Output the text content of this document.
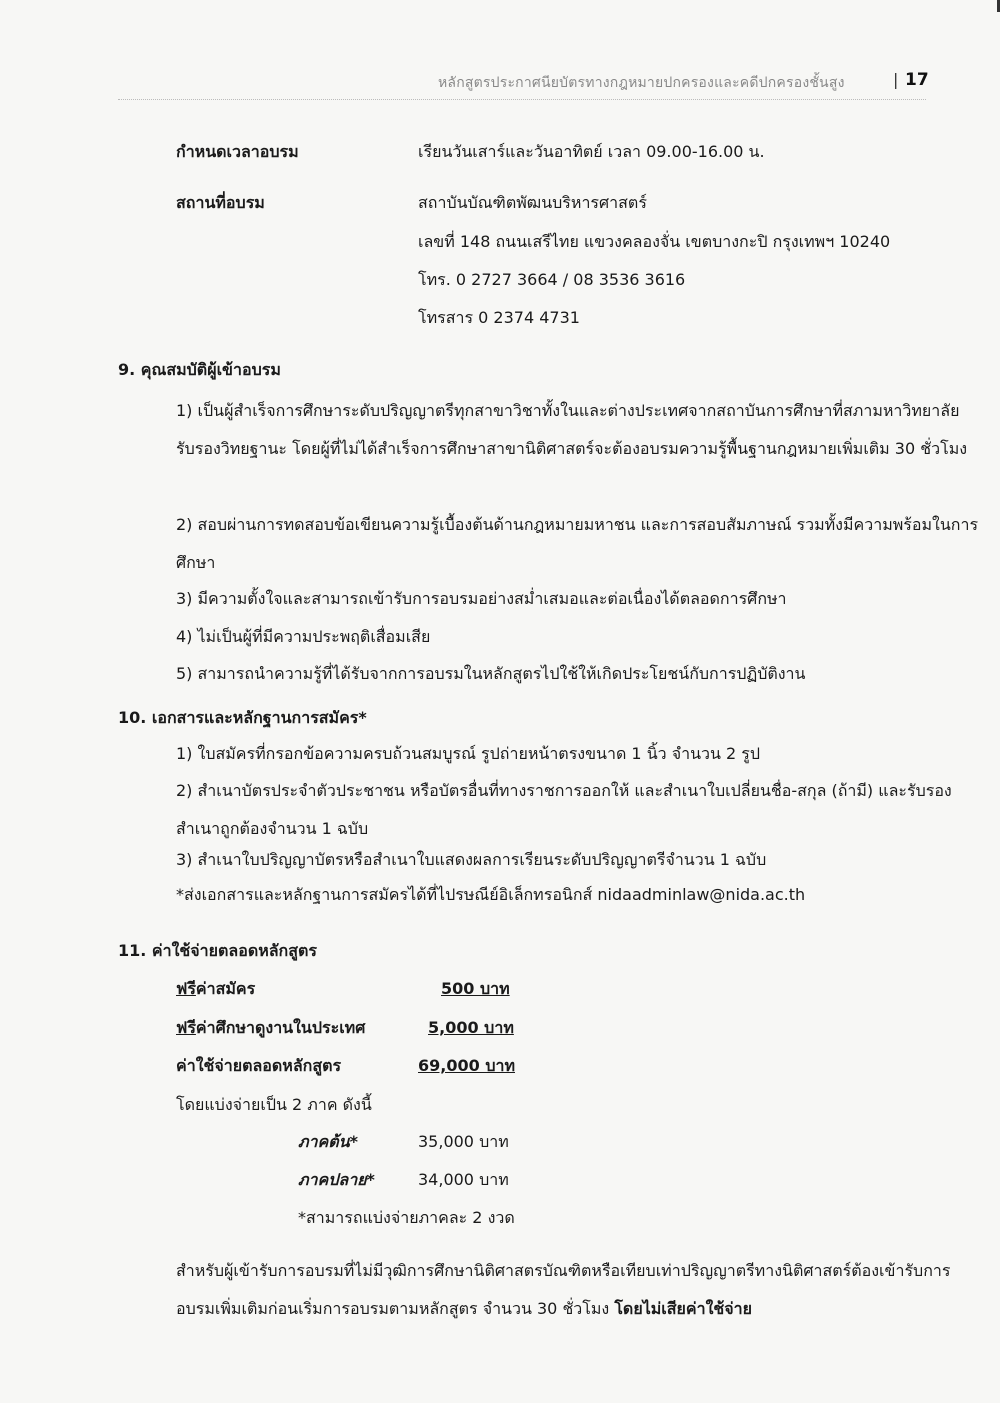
หลักสูตรประกาศนียบัตรทางกฎหมายปกครองและคดีปกครองชั้นสูง	| 17
กำหนดเวลาอบรม	เรียนวันเสาร์และวันอาทิตย์ เวลา 09.00-16.00 น.
สถานที่อบรม	สถาบันบัณฑิตพัฒนบริหารศาสตร์
เลขที่ 148 ถนนเสรีไทย แขวงคลองจั่น เขตบางกะปิ กรุงเทพฯ 10240
โทร. 0 2727 3664 / 08 3536 3616
โทรสาร 0 2374 4731
9. คุณสมบัติผู้เข้าอบรม
1) เป็นผู้สำเร็จการศึกษาระดับปริญญาตรีทุกสาขาวิชาทั้งในและต่างประเทศจากสถาบันการศึกษาที่สภามหาวิทยาลัยรับรองวิทยฐานะ โดยผู้ที่ไม่ได้สำเร็จการศึกษาสาขานิติศาสตร์จะต้องอบรมความรู้พื้นฐานกฎหมายเพิ่มเติม 30 ชั่วโมง
2) สอบผ่านการทดสอบข้อเขียนความรู้เบื้องต้นด้านกฎหมายมหาชน และการสอบสัมภาษณ์ รวมทั้งมีความพร้อมในการศึกษา
3) มีความตั้งใจและสามารถเข้ารับการอบรมอย่างสม่ำเสมอและต่อเนื่องได้ตลอดการศึกษา
4) ไม่เป็นผู้ที่มีความประพฤติเสื่อมเสีย
5) สามารถนำความรู้ที่ได้รับจากการอบรมในหลักสูตรไปใช้ให้เกิดประโยชน์กับการปฏิบัติงาน
10. เอกสารและหลักฐานการสมัคร*
1) ใบสมัครที่กรอกข้อความครบถ้วนสมบูรณ์ รูปถ่ายหน้าตรงขนาด 1 นิ้ว จำนวน 2 รูป
2) สำเนาบัตรประจำตัวประชาชน หรือบัตรอื่นที่ทางราชการออกให้ และสำเนาใบเปลี่ยนชื่อ-สกุล (ถ้ามี) และรับรองสำเนาถูกต้องจำนวน 1 ฉบับ
3) สำเนาใบปริญญาบัตรหรือสำเนาใบแสดงผลการเรียนระดับปริญญาตรีจำนวน 1 ฉบับ
*ส่งเอกสารและหลักฐานการสมัครได้ที่ไปรษณีย์อิเล็กทรอนิกส์ nidaadminlaw@nida.ac.th
11. ค่าใช้จ่ายตลอดหลักสูตร
ฟรีค่าสมัคร	500 บาท
ฟรีค่าศึกษาดูงานในประเทศ	5,000 บาท
ค่าใช้จ่ายตลอดหลักสูตร	69,000 บาท
โดยแบ่งจ่ายเป็น 2 ภาค ดังนี้
ภาคต้น*	35,000 บาท
ภาคปลาย*	34,000 บาท
*สามารถแบ่งจ่ายภาคละ 2 งวด
สำหรับผู้เข้ารับการอบรมที่ไม่มีวุฒิการศึกษานิติศาสตรบัณฑิตหรือเทียบเท่าปริญญาตรีทางนิติศาสตร์ต้องเข้ารับการอบรมเพิ่มเติมก่อนเริ่มการอบรมตามหลักสูตร จำนวน 30 ชั่วโมง โดยไม่เสียค่าใช้จ่าย
